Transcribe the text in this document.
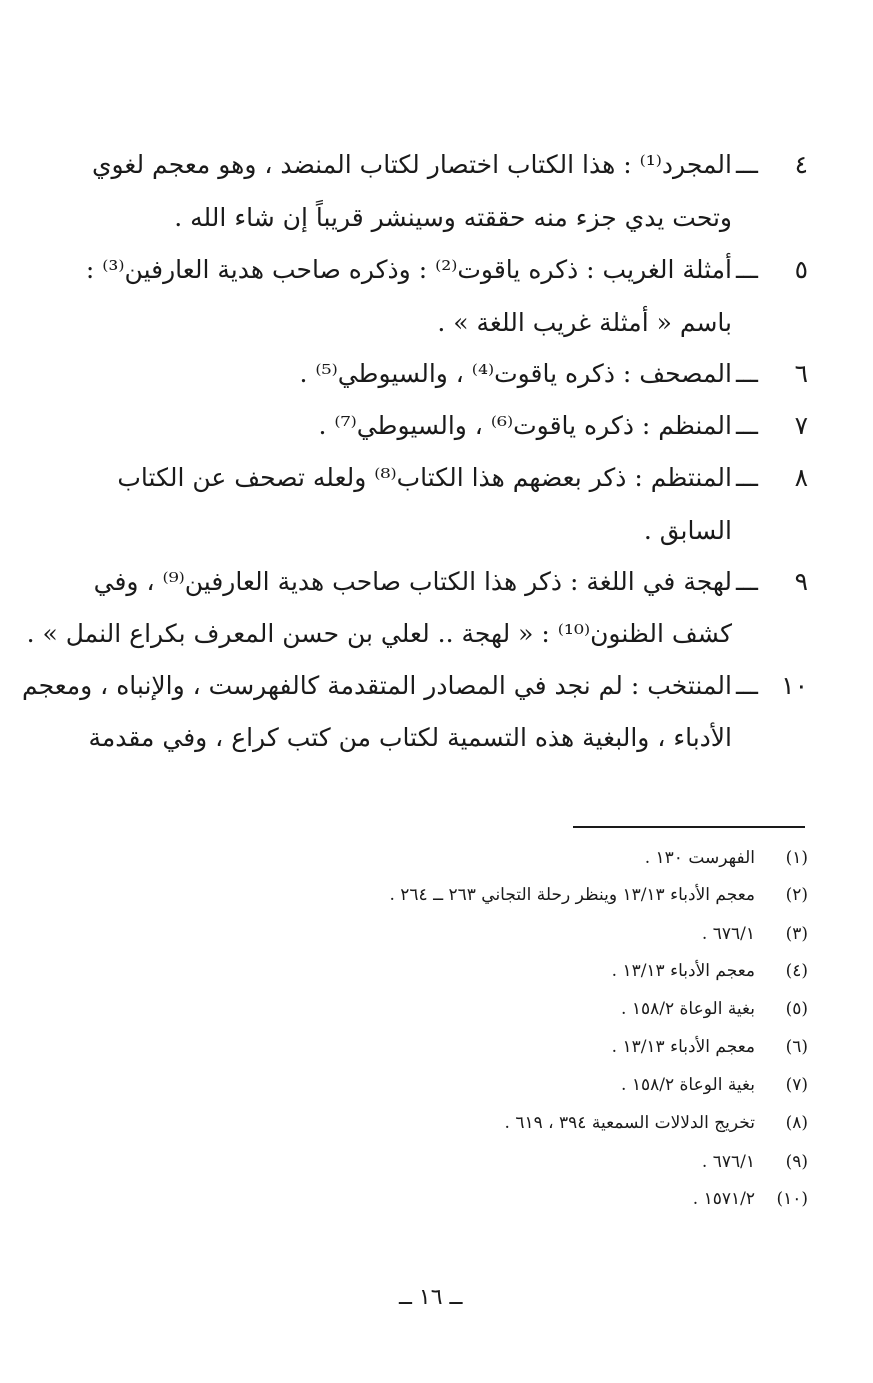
٤
ـــ
المجرد⁽¹⁾ : هذا الكتاب اختصار لكتاب المنضد ، وهو معجم لغوي
وتحت يدي جزء منه حققته وسينشر قريباً إن شاء الله .
٥
ـــ
أمثلة الغريب : ذكره ياقوت⁽²⁾ : وذكره صاحب هدية العارفين⁽³⁾ :
باسم « أمثلة غريب اللغة » .
٦
ـــ
المصحف : ذكره ياقوت⁽⁴⁾ ، والسيوطي⁽⁵⁾ .
٧
ـــ
المنظم : ذكره ياقوت⁽⁶⁾ ، والسيوطي⁽⁷⁾ .
٨
ـــ
المنتظم : ذكر بعضهم هذا الكتاب⁽⁸⁾ ولعله تصحف عن الكتاب
السابق .
٩
ـــ
لهجة في اللغة : ذكر هذا الكتاب صاحب هدية العارفين⁽⁹⁾ ، وفي
كشف الظنون⁽¹⁰⁾ : « لهجة .. لعلي بن حسن المعرف بكراع النمل » .
١٠
ـــ
المنتخب : لم نجد في المصادر المتقدمة كالفهرست ، والإنباه ، ومعجم
الأدباء ، والبغية هذه التسمية لكتاب من كتب كراع ، وفي مقدمة
(١)
الفهرست ١٣٠ .
(٢)
معجم الأدباء ١٣/١٣ وينظر رحلة التجاني ٢٦٣ ــ ٢٦٤ .
(٣)
٦٧٦/١ .
(٤)
معجم الأدباء ١٣/١٣ .
(٥)
بغية الوعاة ١٥٨/٢ .
(٦)
معجم الأدباء ١٣/١٣ .
(٧)
بغية الوعاة ١٥٨/٢ .
(٨)
تخريج الدلالات السمعية ٣٩٤ ، ٦١٩ .
(٩)
٦٧٦/١ .
(١٠)
١٥٧١/٢ .
ــ ١٦ ــ
